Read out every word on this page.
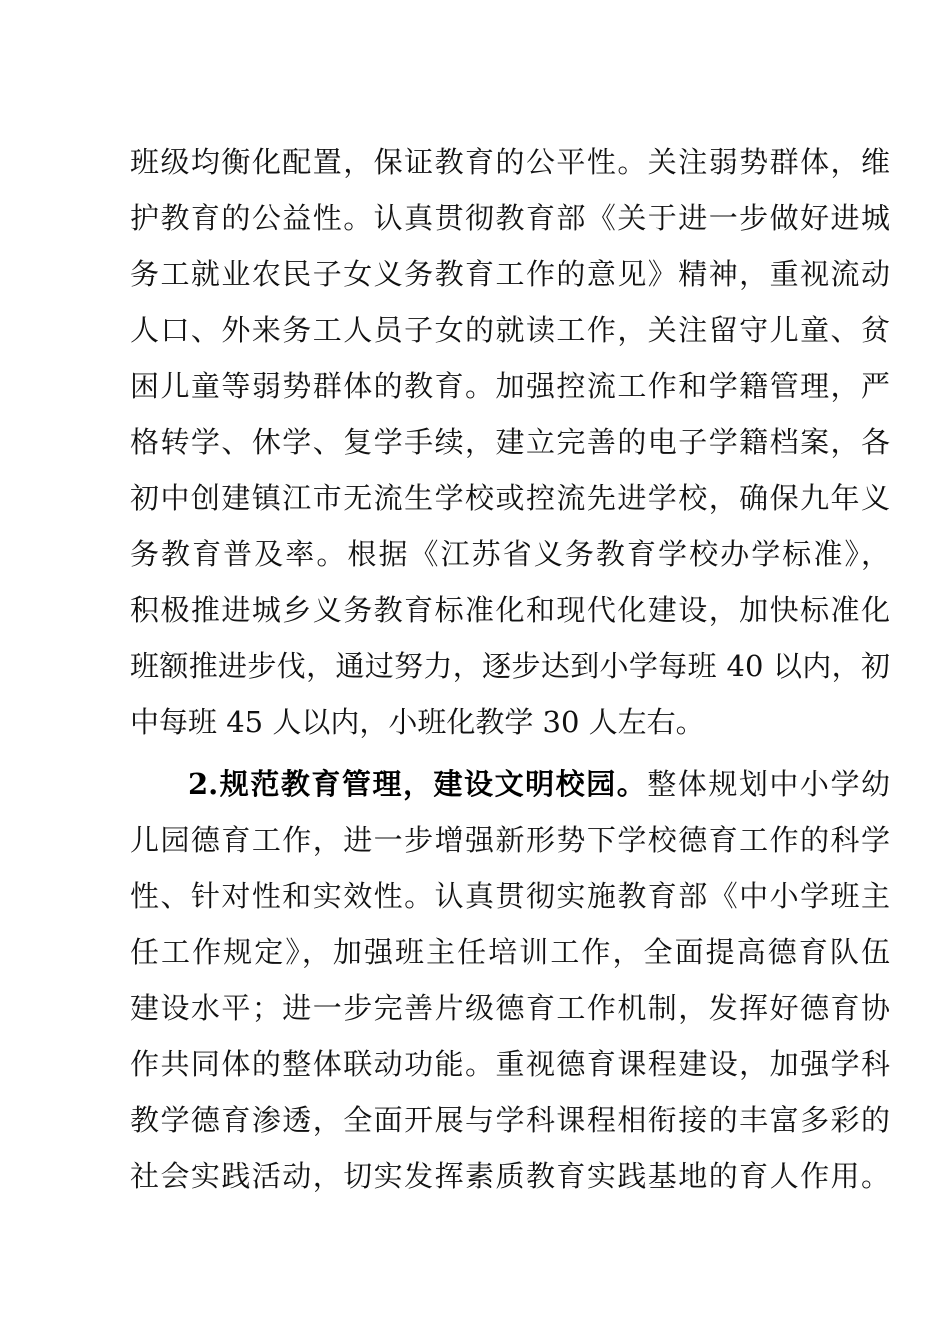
班级均衡化配置，保证教育的公平性。关注弱势群体，维
护教育的公益性。认真贯彻教育部《关于进一步做好进城
务工就业农民子女义务教育工作的意见》精神，重视流动
人口、外来务工人员子女的就读工作，关注留守儿童、贫
困儿童等弱势群体的教育。加强控流工作和学籍管理，严
格转学、休学、复学手续，建立完善的电子学籍档案，各
初中创建镇江市无流生学校或控流先进学校，确保九年义
务教育普及率。根据《江苏省义务教育学校办学标准》，
积极推进城乡义务教育标准化和现代化建设，加快标准化
班额推进步伐，通过努力，逐步达到小学每班 40 以内，初
中每班 45 人以内，小班化教学 30 人左右。
2.规范教育管理，建设文明校园。整体规划中小学幼
儿园德育工作，进一步增强新形势下学校德育工作的科学
性、针对性和实效性。认真贯彻实施教育部《中小学班主
任工作规定》，加强班主任培训工作，全面提高德育队伍
建设水平；进一步完善片级德育工作机制，发挥好德育协
作共同体的整体联动功能。重视德育课程建设，加强学科
教学德育渗透，全面开展与学科课程相衔接的丰富多彩的
社会实践活动，切实发挥素质教育实践基地的育人作用。
